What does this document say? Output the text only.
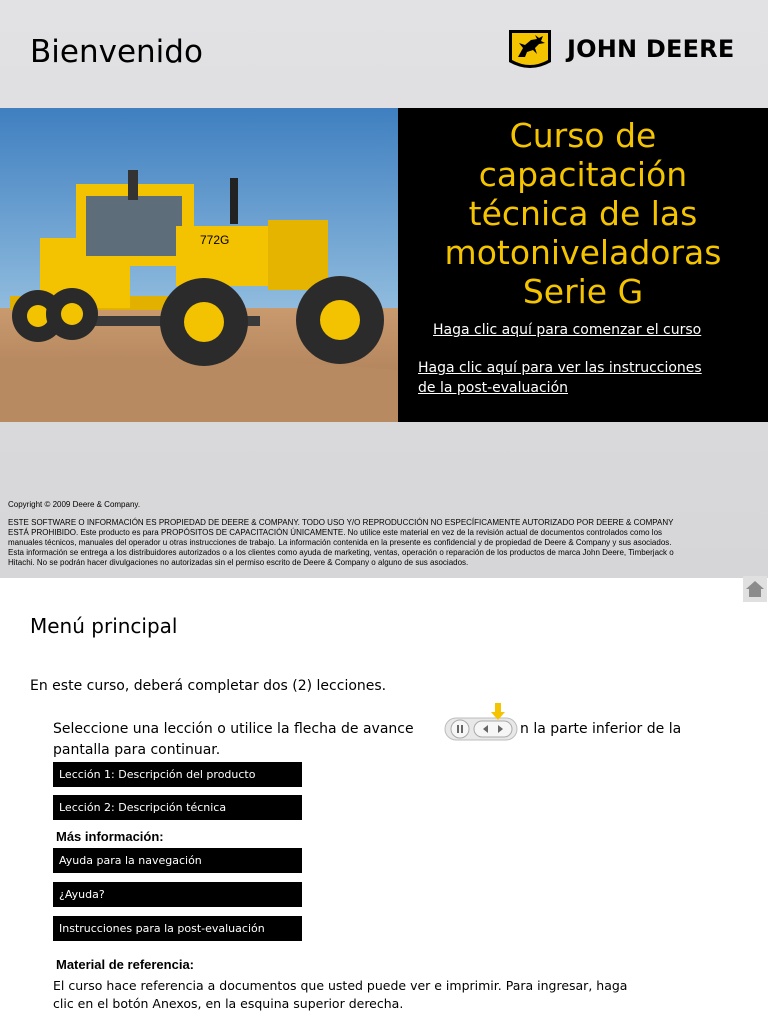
Bienvenido	JOHN DEERE
772G
Curso de
capacitación
técnica de las
motoniveladoras
Serie G
Haga clic aquí para comenzar el curso
Haga clic aquí para ver las instrucciones
de la post-evaluación
Copyright © 2009 Deere & Company.
ESTE SOFTWARE O INFORMACIÓN ES PROPIEDAD DE DEERE & COMPANY. TODO USO Y/O REPRODUCCIÓN NO ESPECÍFICAMENTE AUTORIZADO POR DEERE & COMPANY
ESTÁ PROHIBIDO. Este producto es para PROPÓSITOS DE CAPACITACIÓN ÚNICAMENTE. No utilice este material en vez de la revisión actual de documentos controlados como los
manuales técnicos, manuales del operador u otras instrucciones de trabajo. La información contenida en la presente es confidencial y de propiedad de Deere & Company y sus asociados.
Esta información se entrega a los distribuidores autorizados o a los clientes como ayuda de marketing, ventas, operación o reparación de los productos de marca John Deere, Timberjack o
Hitachi. No se podrán hacer divulgaciones no autorizadas sin el permiso escrito de Deere & Company o alguno de sus asociados.
Menú principal
En este curso, deberá completar dos (2) lecciones.
Seleccione una lección o utilice la flecha de avance	n la parte inferior de la
pantalla para continuar.
Lección 1: Descripción del producto
Lección 2: Descripción técnica
Más información:
Ayuda para la navegación
¿Ayuda?
Instrucciones para la post-evaluación
Material de referencia:
El curso hace referencia a documentos que usted puede ver e imprimir. Para ingresar, haga
clic en el botón Anexos, en la esquina superior derecha.
